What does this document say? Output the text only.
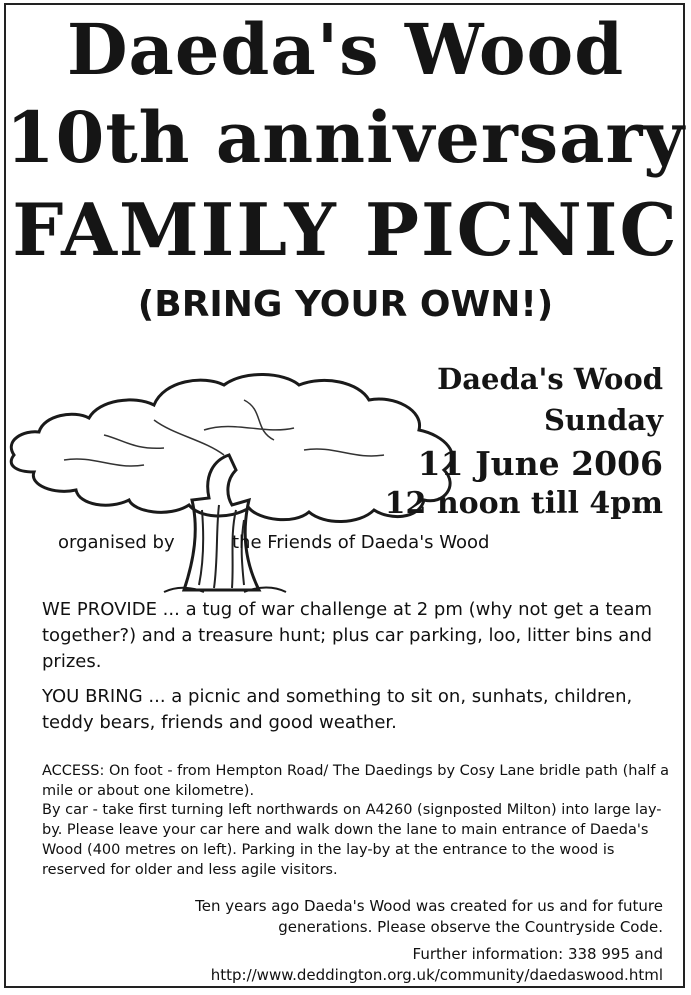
Daeda's Wood
10th anniversary
FAMILY PICNIC
(BRING YOUR OWN!)
Daeda's Wood
Sunday
11 June 2006
12 noon till 4pm
organised by	the Friends of Daeda's Wood
WE PROVIDE ... a tug of war challenge at 2 pm (why not get a team together?) and a treasure hunt; plus car parking, loo, litter bins and prizes.
YOU BRING ... a picnic and something to sit on, sunhats, children, teddy bears, friends and good weather.
ACCESS: On foot - from Hempton Road/ The Daedings by Cosy Lane bridle path (half a mile or about one kilometre).
By car - take first turning left northwards on A4260 (signposted Milton) into large lay-by. Please leave your car here and walk down the lane to main entrance of Daeda's Wood (400 metres on left). Parking in the lay-by at the entrance to the wood is reserved for older and less agile visitors.
Ten years ago Daeda's Wood was created for us and for future
generations. Please observe the Countryside Code.
Further information: 338 995 and
http://www.deddington.org.uk/community/daedaswood.html
